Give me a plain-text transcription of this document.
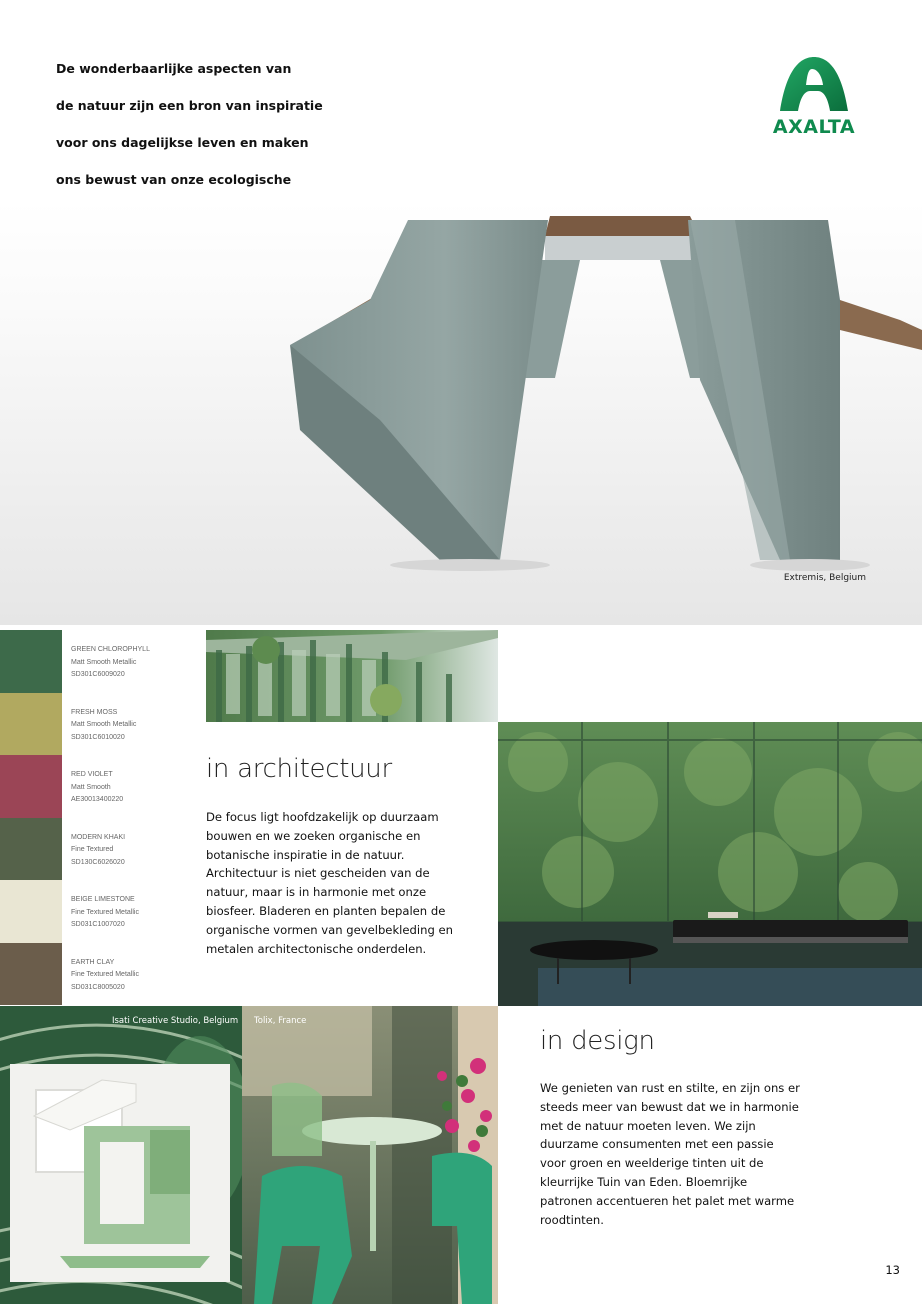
De wonderbaarlijke aspecten van
de natuur zijn een bron van inspiratie
voor ons dagelijkse leven en maken
ons bewust van onze ecologische
AXALTA
Extremis, Belgium
GREEN CHLOROPHYLL
Matt Smooth Metallic
SD301C6009020
FRESH MOSS
Matt Smooth Metallic
SD301C6010020
RED VIOLET
Matt Smooth
AE30013400220
MODERN KHAKI
Fine Textured
SD130C6026020
BEIGE LIMESTONE
Fine Textured Metallic
SD031C1007020
EARTH CLAY
Fine Textured Metallic
SD031C8005020
Isati Creative Studio, Belgium Tolix, France
in architectuur
De focus ligt hoofdzakelijk op duurzaam bouwen en we zoeken organische en botanische inspiratie in de natuur. Architectuur is niet gescheiden van de natuur, maar is in harmonie met onze biosfeer. Bladeren en planten bepalen de organische vormen van gevelbekleding en metalen architectonische onderdelen.
in design
We genieten van rust en stilte, en zijn ons er steeds meer van bewust dat we in harmonie met de natuur moeten leven. We zijn duurzame consumenten met een passie voor groen en weelderige tinten uit de kleurrijke Tuin van Eden. Bloemrijke patronen accentueren het palet met warme roodtinten.
13
